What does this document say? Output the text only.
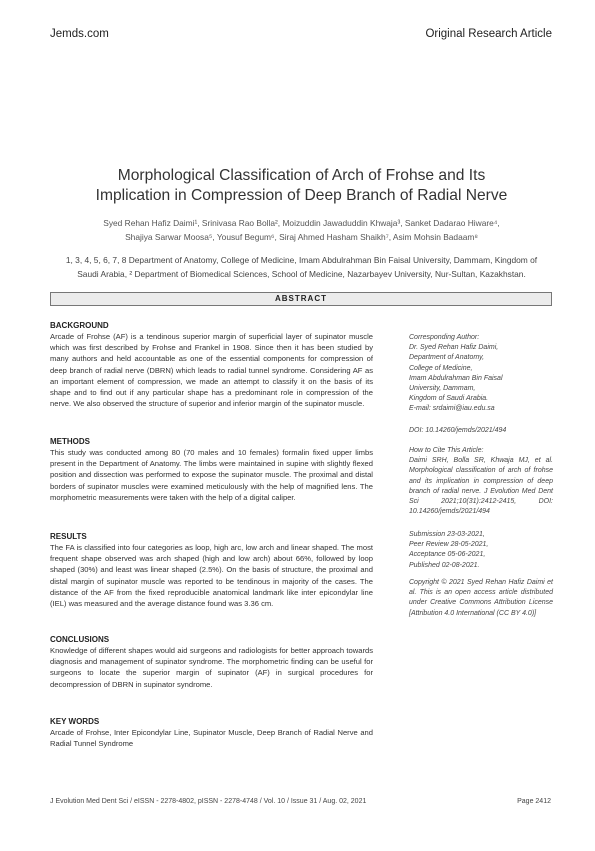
Jemds.com	Original Research Article
Morphological Classification of Arch of Frohse and Its
Implication in Compression of Deep Branch of Radial Nerve
Syed Rehan Hafiz Daimi¹, Srinivasa Rao Bolla², Moizuddin Jawaduddin Khwaja³, Sanket Dadarao Hiware⁴,
Shajiya Sarwar Moosa⁵, Yousuf Begum⁶, Siraj Ahmed Hasham Shaikh⁷, Asim Mohsin Badaam⁸
1, 3, 4, 5, 6, 7, 8 Department of Anatomy, College of Medicine, Imam Abdulrahman Bin Faisal University, Dammam, Kingdom of
Saudi Arabia, ² Department of Biomedical Sciences, School of Medicine, Nazarbayev University, Nur-Sultan, Kazakhstan.
ABSTRACT
BACKGROUND

Arcade of Frohse (AF) is a tendinous superior margin of superficial layer of supinator muscle which was first described by Frohse and Frankel in 1908. Since then it has been studied by many authors and held accountable as one of the essential components for compression of deep branch of radial nerve (DBRN) which leads to radial tunnel syndrome. Considering AF as an important element of compression, we made an attempt to classify it on the basis of its shape and to find out if any particular shape has a predominant role in compression of the nerve. We also observed the structure of superior and inferior margin of the supinator muscle.

METHODS

This study was conducted among 80 (70 males and 10 females) formalin fixed upper limbs present in the Department of Anatomy. The limbs were maintained in supine with slightly flexed position and dissection was performed to expose the supinator muscle. The proximal and distal borders of supinator muscles were examined meticulously with the help of magnified lens. The morphometric measurements were taken with the help of a digital caliper.

RESULTS

The FA is classified into four categories as loop, high arc, low arch and linear shaped. The most frequent shape observed was arch shaped (high and low arch) about 66%, followed by loop shaped (30%) and least was linear shaped (2.5%). On the basis of structure, the proximal and distal margin of supinator muscle was reported to be tendinous in majority of the cases. The distance of the AF from the fixed reproducible anatomical landmark like inter epicondylar line (IEL) was measured and the average distance found was 3.36 cm.

CONCLUSIONS

Knowledge of different shapes would aid surgeons and radiologists for better approach towards diagnosis and management of supinator syndrome. The morphometric finding can be useful for surgeons to locate the superior margin of supinator (AF) in surgical procedures for decompression of DBRN in supinator syndrome.

KEY WORDS

Arcade of Frohse, Inter Epicondylar Line, Supinator Muscle, Deep Branch of Radial Nerve and Radial Tunnel Syndrome

Corresponding Author:
Dr. Syed Rehan Hafiz Daimi,
Department of Anatomy,
College of Medicine,
Imam Abdulrahman Bin Faisal
University, Dammam,
Kingdom of Saudi Arabia.
E-mail: srdaimi@iau.edu.sa
DOI: 10.14260/jemds/2021/494
How to Cite This Article:
Daimi SRH, Bolla SR, Khwaja MJ, et al. Morphological classification of arch of frohse and its implication in compression of deep branch of radial nerve. J Evolution Med Dent Sci 2021;10(31):2412-2415, DOI: 10.14260/jemds/2021/494
Submission 23-03-2021,
Peer Review 28-05-2021,
Acceptance 05-06-2021,
Published 02-08-2021.
Copyright © 2021 Syed Rehan Hafiz Daimi et al. This is an open access article distributed under Creative Commons Attribution License [Attribution 4.0 International (CC BY 4.0)]
J Evolution Med Dent Sci / eISSN - 2278-4802, pISSN - 2278-4748 / Vol. 10 / Issue 31 / Aug. 02, 2021	Page 2412
